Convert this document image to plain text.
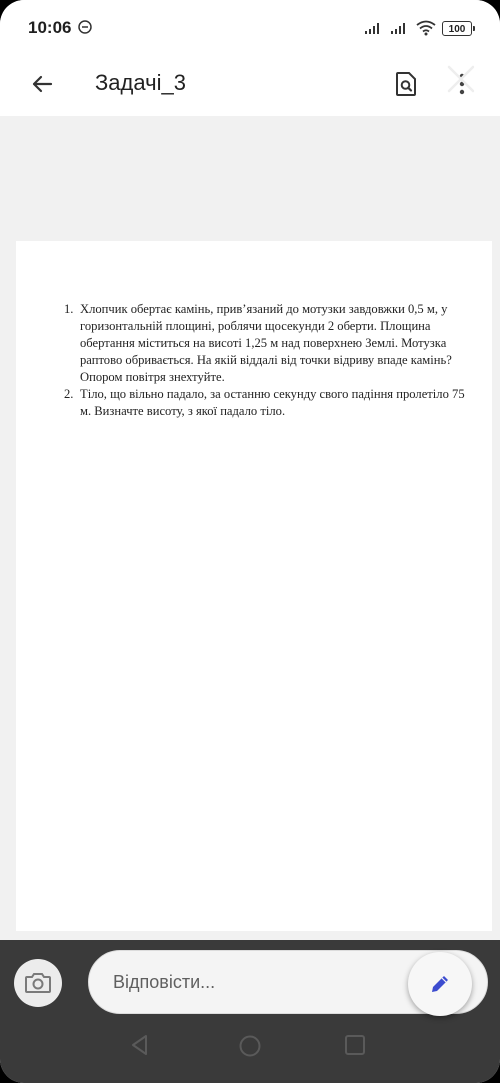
10:06	100
Задачі_3
1. Хлопчик обертає камінь, прив’язаний до мотузки завдовжки 0,5 м, у горизонтальній площині, роблячи щосекунди 2 оберти. Площина обертання міститься на висоті 1,25 м над поверхнею Землі. Мотузка раптово обривається. На якій віддалі від точки відриву впаде камінь? Опором повітря знехтуйте.
2. Тіло, що вільно падало, за останню секунду свого падіння пролетіло 75 м. Визначте висоту, з якої падало тіло.
Відповісти...
